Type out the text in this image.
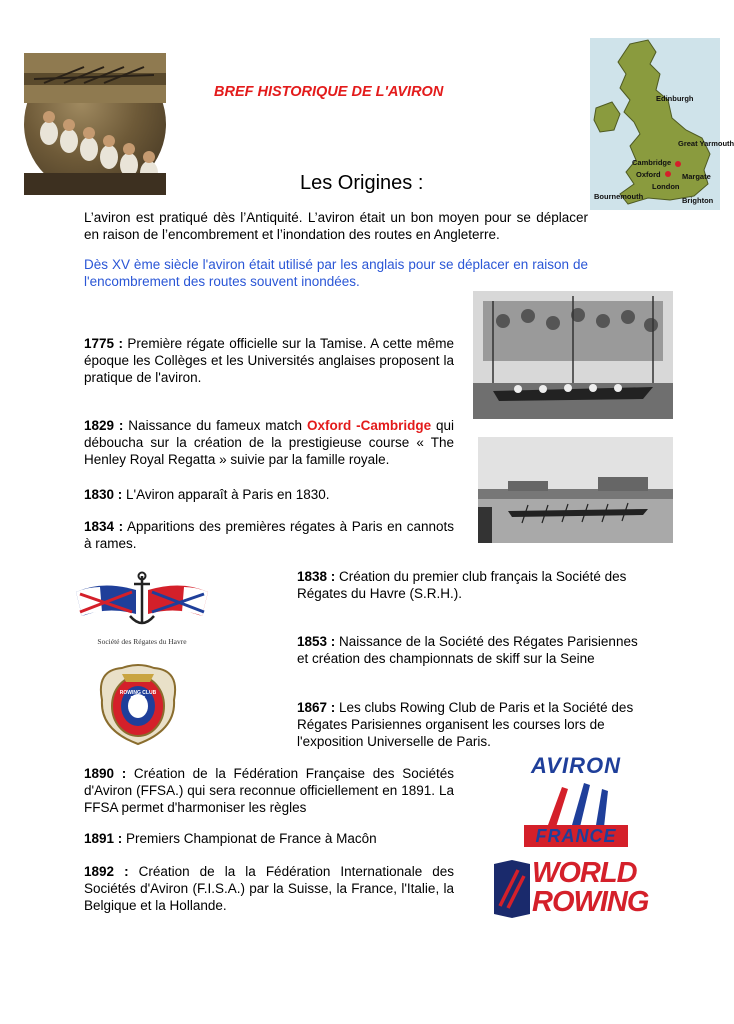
BREF HISTORIQUE DE L'AVIRON
Les Origines :
Edinburgh
Great Yarmouth
Cambridge
Oxford	Margate
London
Bournemouth	Brighton
L’aviron est pratiqué dès l’Antiquité. L’aviron était un bon moyen pour se déplacer en raison de l’encombrement et l’inondation des routes en Angleterre.
Dès XV ème siècle l'aviron était utilisé par les anglais pour se déplacer en raison de l'encombrement des routes souvent inondées.
1775 : Première régate officielle sur la Tamise. A cette même époque les Collèges et les Universités anglaises proposent la pratique de l'aviron.
1829 : Naissance du fameux match Oxford -Cambridge qui déboucha sur la création de la prestigieuse course « The Henley Royal Regatta » suivie par la famille royale.
1830 : L'Aviron apparaît à Paris en 1830.
1834 : Apparitions des premières régates à Paris en cannots à rames.
1838 : Création du premier club français la Société des Régates du Havre (S.R.H.).
1853 : Naissance de la Société des Régates Parisiennes et création des championnats de skiff sur la Seine
1867 : Les clubs Rowing Club de Paris et la Société des Régates Parisiennes organisent les courses lors de l'exposition Universelle de Paris.
1890 : Création de la Fédération Française des Sociétés d'Aviron (FFSA.) qui sera reconnue officiellement en 1891. La FFSA permet d'harmoniser les règles
1891 : Premiers Championat de France à Macôn
1892 : Création de la la Fédération Internationale des Sociétés d'Aviron (F.I.S.A.) par la Suisse, la France, l'Italie, la Belgique et la Hollande.
Société des Régates du Havre
ROWING CLUB PARIS
AVIRON
FRANCE
WORLD
ROWING
